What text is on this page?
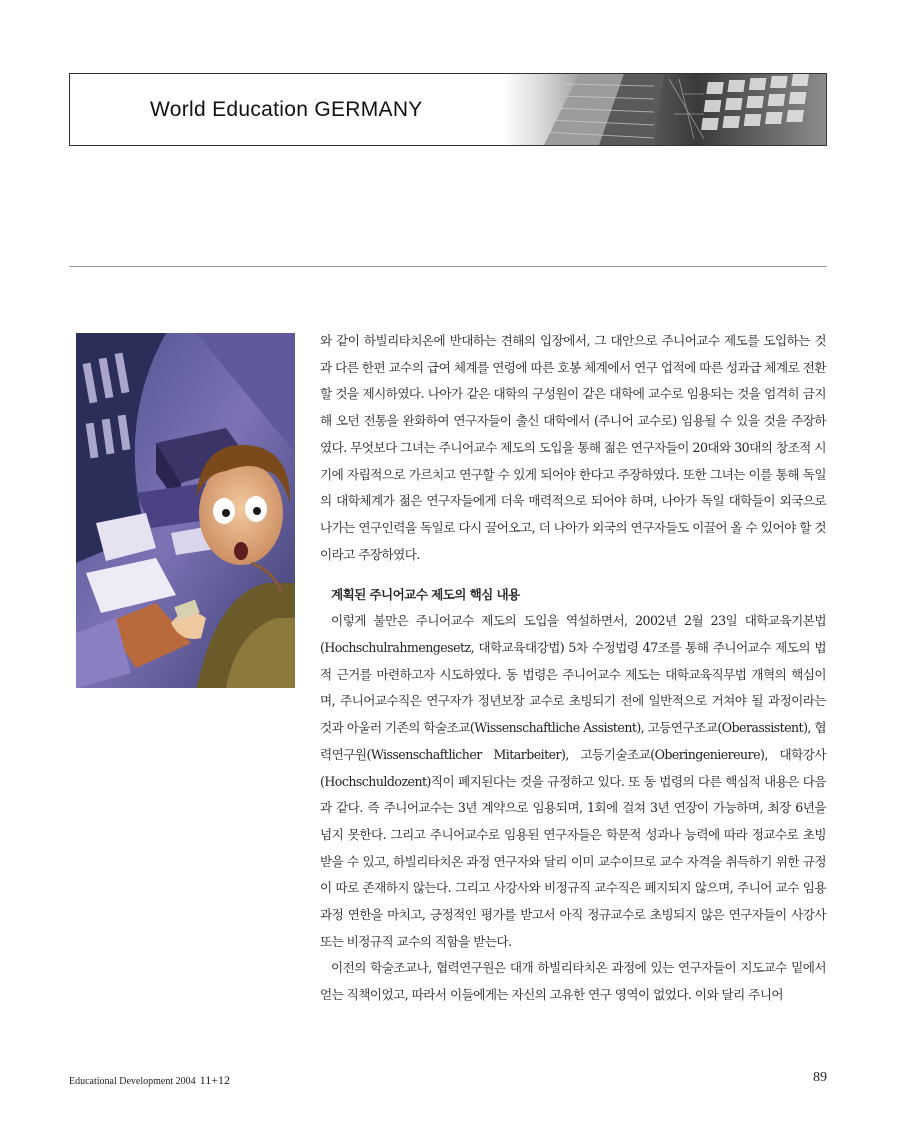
World Education GERMANY

와 같이 하빌리타치온에 반대하는 견해의 입장에서, 그 대안으로 주니어교수 제도를 도입하는 것과 다른 한편 교수의 급여 체계를 연령에 따른 호봉 체계에서 연구 업적에 따른 성과급 체계로 전환할 것을 제시하였다. 나아가 같은 대학의 구성원이 같은 대학에 교수로 임용되는 것을 엄격히 금지해 오던 전통을 완화하여 연구자들이 출신 대학에서 (주니어 교수로) 임용될 수 있을 것을 주장하였다. 무엇보다 그녀는 주니어교수 제도의 도입을 통해 젊은 연구자들이 20대와 30대의 창조적 시기에 자립적으로 가르치고 연구할 수 있게 되어야 한다고 주장하였다. 또한 그녀는 이를 통해 독일의 대학체계가 젊은 연구자들에게 더욱 매력적으로 되어야 하며, 나아가 독일 대학들이 외국으로 나가는 연구인력을 독일로 다시 끌어오고, 더 나아가 외국의 연구자들도 이끌어 올 수 있어야 할 것이라고 주장하였다.

계획된 주니어교수 제도의 핵심 내용

이렇게 불만은 주니어교수 제도의 도입을 역설하면서, 2002년 2월 23일 대학교육기본법(Hochschulrahmengesetz, 대학교육대강법) 5차 수정법령 47조를 통해 주니어교수 제도의 법적 근거를 마련하고자 시도하였다. 동 법령은 주니어교수 제도는 대학교육직무법 개혁의 핵심이며, 주니어교수직은 연구자가 정년보장 교수로 초빙되기 전에 일반적으로 거쳐야 될 과정이라는 것과 아울러 기존의 학술조교(Wissenschaftliche Assistent), 고등연구조교(Oberassistent), 협력연구원(Wissenschaftlicher Mitarbeiter), 고등기술조교(Oberingeniereure), 대학강사(Hochschuldozent)직이 폐지된다는 것을 규정하고 있다. 또 동 법령의 다른 핵심적 내용은 다음과 같다. 즉 주니어교수는 3년 계약으로 임용되며, 1회에 걸쳐 3년 연장이 가능하며, 최장 6년을 넘지 못한다. 그리고 주니어교수로 임용된 연구자들은 학문적 성과나 능력에 따라 정교수로 초빙 받을 수 있고, 하빌리타치온 과정 연구자와 달리 이미 교수이므로 교수 자격을 취득하기 위한 규정이 따로 존재하지 않는다. 그리고 사강사와 비정규직 교수직은 폐지되지 않으며, 주니어 교수 임용과정 연한을 마치고, 긍정적인 평가를 받고서 아직 정규교수로 초빙되지 않은 연구자들이 사강사 또는 비정규직 교수의 직함을 받는다.

이전의 학술조교나, 협력연구원은 대개 하빌리타치온 과정에 있는 연구자들이 지도교수 밑에서 얻는 직책이었고, 따라서 이들에게는 자신의 고유한 연구 영역이 없었다. 이와 달리 주니어

Educational Development 2004 11+12	89
